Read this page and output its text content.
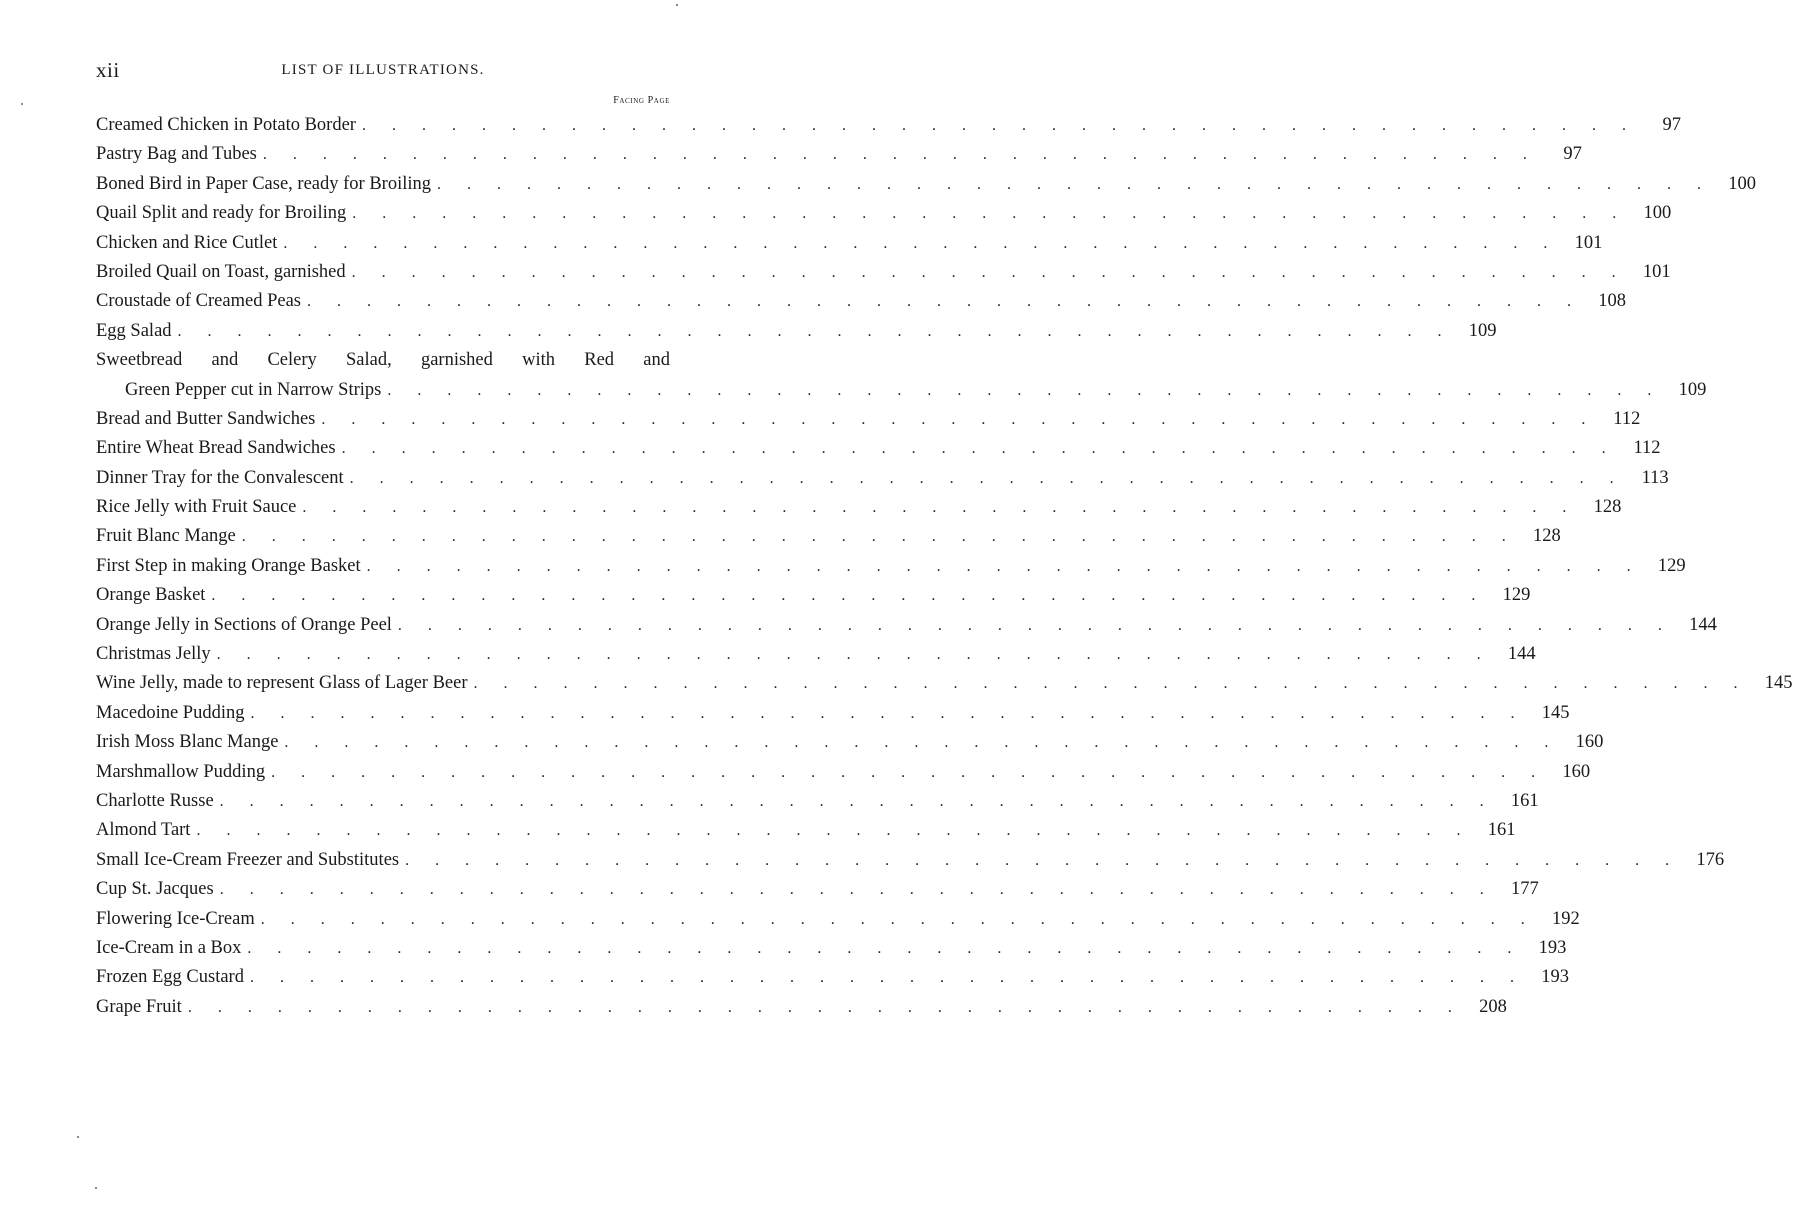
xii	LIST OF ILLUSTRATIONS.
Facing Page
Creamed Chicken in Potato Border . . .	97
Pastry Bag and Tubes . . .	97
Boned Bird in Paper Case, ready for Broiling . . .	100
Quail Split and ready for Broiling . . .	100
Chicken and Rice Cutlet . . .	101
Broiled Quail on Toast, garnished . . .	101
Croustade of Creamed Peas . . .	108
Egg Salad . . .	109
Sweetbread and Celery Salad, garnished with Red and
Green Pepper cut in Narrow Strips . . .	109
Bread and Butter Sandwiches . . .	112
Entire Wheat Bread Sandwiches . . .	112
Dinner Tray for the Convalescent . . .	113
Rice Jelly with Fruit Sauce . . .	128
Fruit Blanc Mange . . .	128
First Step in making Orange Basket . . .	129
Orange Basket . . .	129
Orange Jelly in Sections of Orange Peel . . .	144
Christmas Jelly . . .	144
Wine Jelly, made to represent Glass of Lager Beer . . .	145
Macedoine Pudding . . .	145
Irish Moss Blanc Mange . . .	160
Marshmallow Pudding . . .	160
Charlotte Russe . . .	161
Almond Tart . . .	161
Small Ice-Cream Freezer and Substitutes . . .	176
Cup St. Jacques . . .	177
Flowering Ice-Cream . . .	192
Ice-Cream in a Box . . .	193
Frozen Egg Custard . . .	193
Grape Fruit . . .	208
